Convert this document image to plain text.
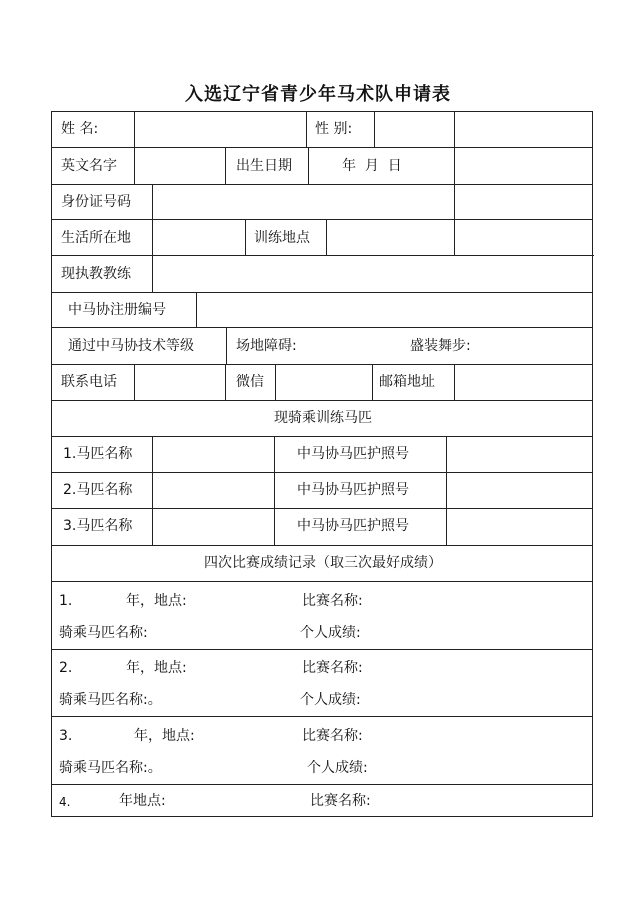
入选辽宁省青少年马术队申请表
姓 名:	性 别:
英文名字	出生日期	年  月  日
身份证号码
生活所在地	训练地点
现执教教练
中马协注册编号
通过中马协技术等级	场地障碍:	盛装舞步:
联系电话	微信	邮箱地址
现骑乘训练马匹
1.马匹名称	中马协马匹护照号
2.马匹名称	中马协马匹护照号
3.马匹名称	中马协马匹护照号
四次比赛成绩记录（取三次最好成绩）
1.	年，地点:	比赛名称:
骑乘马匹名称:	个人成绩:
2.	年，地点:	比赛名称:
骑乘马匹名称:。	个人成绩:
3.	年，地点:	比赛名称:
骑乘马匹名称:。	个人成绩:
4.	年地点:	比赛名称:
